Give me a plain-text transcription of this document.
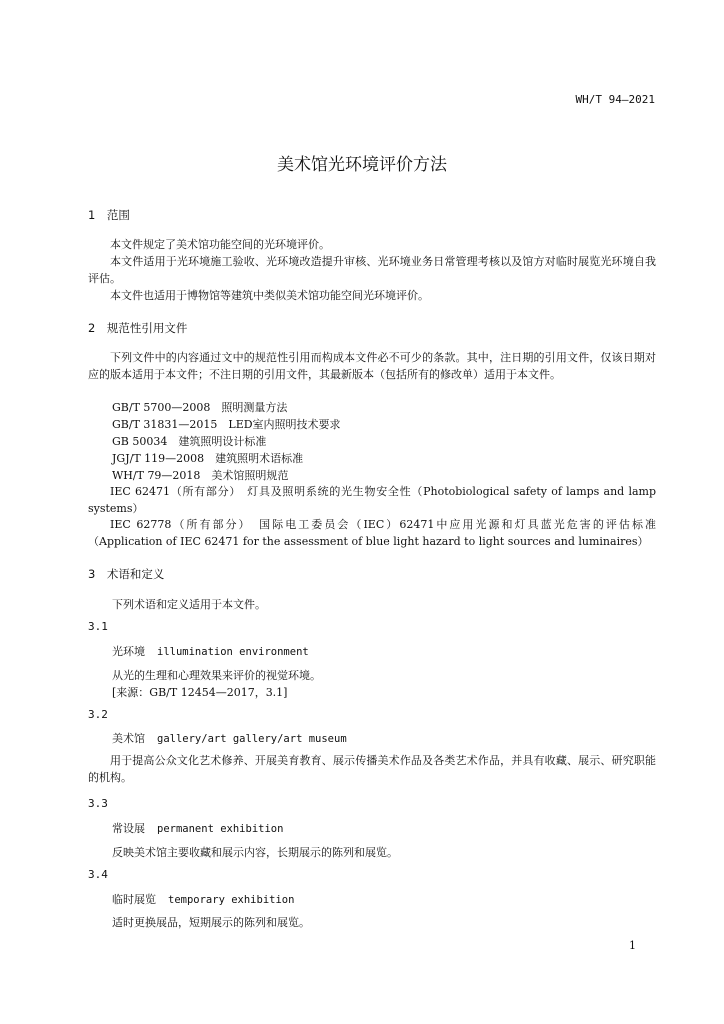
WH/T 94—2021
美术馆光环境评价方法
1　范围

本文件规定了美术馆功能空间的光环境评价。

本文件适用于光环境施工验收、光环境改造提升审核、光环境业务日常管理考核以及馆方对临时展览光环境自我评估。

本文件也适用于博物馆等建筑中类似美术馆功能空间光环境评价。

2　规范性引用文件

下列文件中的内容通过文中的规范性引用而构成本文件必不可少的条款。其中，注日期的引用文件，仅该日期对应的版本适用于本文件；不注日期的引用文件，其最新版本（包括所有的修改单）适用于本文件。

GB/T 5700—2008　照明测量方法
GB/T 31831—2015　LED室内照明技术要求
GB 50034　建筑照明设计标准
JGJ/T 119—2008　建筑照明术语标准
WH/T 79—2018　美术馆照明规范

IEC 62471（所有部分）　灯具及照明系统的光生物安全性（Photobiological safety of lamps and lamp systems）

IEC 62778（所有部分）　国际电工委员会（IEC）62471中应用光源和灯具蓝光危害的评估标准（Application of IEC 62471 for the assessment of blue light hazard to light sources and luminaires）

3　术语和定义
下列术语和定义适用于本文件。
3.1
光环境 illumination environment
从光的生理和心理效果来评价的视觉环境。
[来源：GB/T 12454—2017，3.1]
3.2
美术馆 gallery/art gallery/art museum

用于提高公众文化艺术修养、开展美育教育、展示传播美术作品及各类艺术作品，并具有收藏、展示、研究职能的机构。

3.3
常设展 permanent exhibition
反映美术馆主要收藏和展示内容，长期展示的陈列和展览。
3.4
临时展览 temporary exhibition
适时更换展品，短期展示的陈列和展览。
1
